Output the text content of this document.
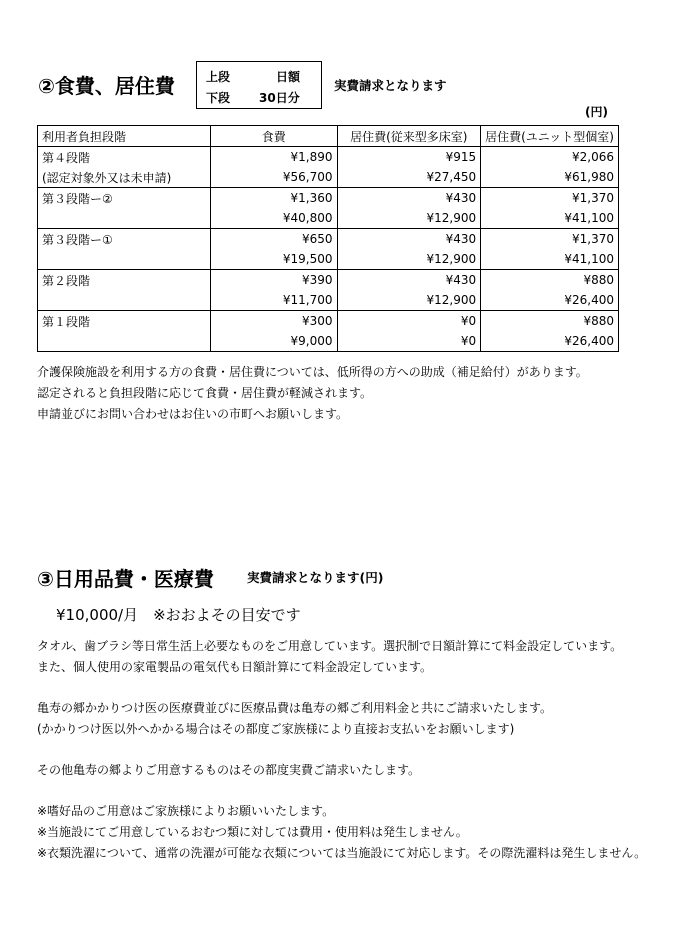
②食費、居住費	上段	日額
下段 30日分
実費請求となります
(円)
利用者負担段階	食費	居住費(従来型多床室)	居住費(ユニット型個室)
第４段階	¥1,890	¥915	¥2,066
(認定対象外又は未申請)	¥56,700	¥27,450	¥61,980
第３段階ー②	¥1,360	¥430	¥1,370
	¥40,800	¥12,900	¥41,100
第３段階ー①	¥650	¥430	¥1,370
	¥19,500	¥12,900	¥41,100
第２段階	¥390	¥430	¥880
	¥11,700	¥12,900	¥26,400
第１段階	¥300	¥0	¥880
	¥9,000	¥0	¥26,400
介護保険施設を利用する方の食費・居住費については、低所得の方への助成（補足給付）があります。
認定されると負担段階に応じて食費・居住費が軽減されます。
申請並びにお問い合わせはお住いの市町へお願いします。
③日用品費・医療費	実費請求となります(円)
¥10,000/月　※おおよその目安です
タオル、歯ブラシ等日常生活上必要なものをご用意しています。選択制で日額計算にて料金設定しています。
また、個人使用の家電製品の電気代も日額計算にて料金設定しています。
亀寿の郷かかりつけ医の医療費並びに医療品費は亀寿の郷ご利用料金と共にご請求いたします。
(かかりつけ医以外へかかる場合はその都度ご家族様により直接お支払いをお願いします)
その他亀寿の郷よりご用意するものはその都度実費ご請求いたします。
※嗜好品のご用意はご家族様によりお願いいたします。
※当施設にてご用意しているおむつ類に対しては費用・使用料は発生しません。
※衣類洗濯について、通常の洗濯が可能な衣類については当施設にて対応します。その際洗濯料は発生しません。
